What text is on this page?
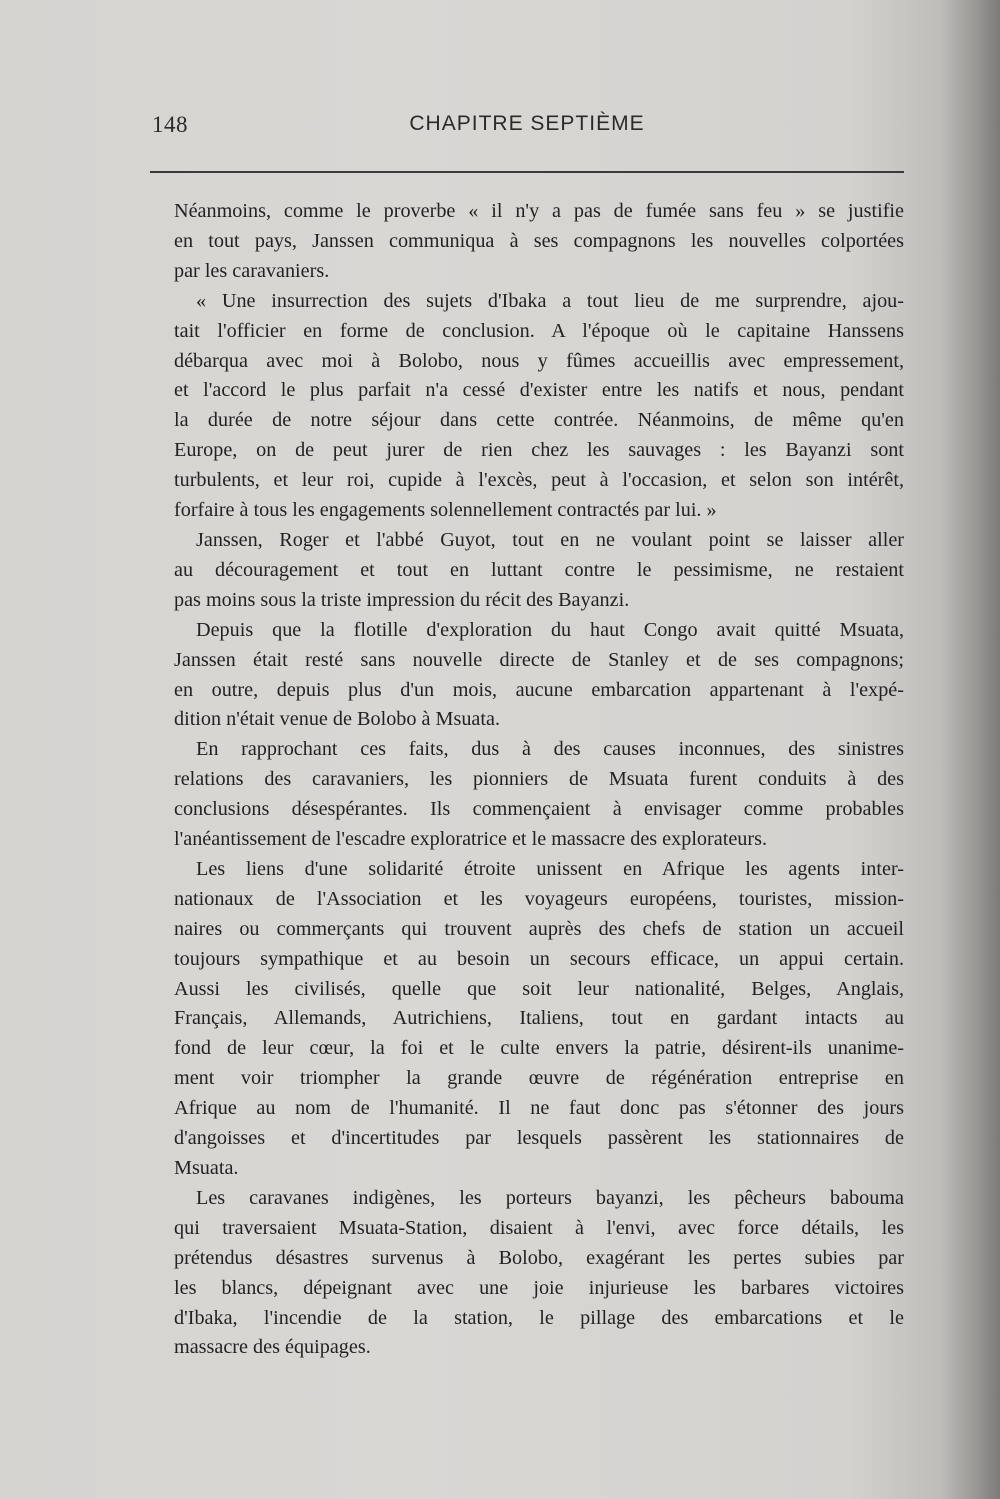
148	CHAPITRE SEPTIÈME
Néanmoins, comme le proverbe « il n'y a pas de fumée sans feu » se justifie
en tout pays, Janssen communiqua à ses compagnons les nouvelles colportées
par les caravaniers.
« Une insurrection des sujets d'Ibaka a tout lieu de me surprendre, ajou-
tait l'officier en forme de conclusion. A l'époque où le capitaine Hanssens
débarqua avec moi à Bolobo, nous y fûmes accueillis avec empressement,
et l'accord le plus parfait n'a cessé d'exister entre les natifs et nous, pendant
la durée de notre séjour dans cette contrée. Néanmoins, de même qu'en
Europe, on de peut jurer de rien chez les sauvages : les Bayanzi sont
turbulents, et leur roi, cupide à l'excès, peut à l'occasion, et selon son intérêt,
forfaire à tous les engagements solennellement contractés par lui. »
Janssen, Roger et l'abbé Guyot, tout en ne voulant point se laisser aller
au découragement et tout en luttant contre le pessimisme, ne restaient
pas moins sous la triste impression du récit des Bayanzi.
Depuis que la flotille d'exploration du haut Congo avait quitté Msuata,
Janssen était resté sans nouvelle directe de Stanley et de ses compagnons;
en outre, depuis plus d'un mois, aucune embarcation appartenant à l'expé-
dition n'était venue de Bolobo à Msuata.
En rapprochant ces faits, dus à des causes inconnues, des sinistres
relations des caravaniers, les pionniers de Msuata furent conduits à des
conclusions désespérantes. Ils commençaient à envisager comme probables
l'anéantissement de l'escadre exploratrice et le massacre des explorateurs.
Les liens d'une solidarité étroite unissent en Afrique les agents inter-
nationaux de l'Association et les voyageurs européens, touristes, mission-
naires ou commerçants qui trouvent auprès des chefs de station un accueil
toujours sympathique et au besoin un secours efficace, un appui certain.
Aussi les civilisés, quelle que soit leur nationalité, Belges, Anglais,
Français, Allemands, Autrichiens, Italiens, tout en gardant intacts au
fond de leur cœur, la foi et le culte envers la patrie, désirent-ils unanime-
ment voir triompher la grande œuvre de régénération entreprise en
Afrique au nom de l'humanité. Il ne faut donc pas s'étonner des jours
d'angoisses et d'incertitudes par lesquels passèrent les stationnaires de
Msuata.
Les caravanes indigènes, les porteurs bayanzi, les pêcheurs babouma
qui traversaient Msuata-Station, disaient à l'envi, avec force détails, les
prétendus désastres survenus à Bolobo, exagérant les pertes subies par
les blancs, dépeignant avec une joie injurieuse les barbares victoires
d'Ibaka, l'incendie de la station, le pillage des embarcations et le
massacre des équipages.
